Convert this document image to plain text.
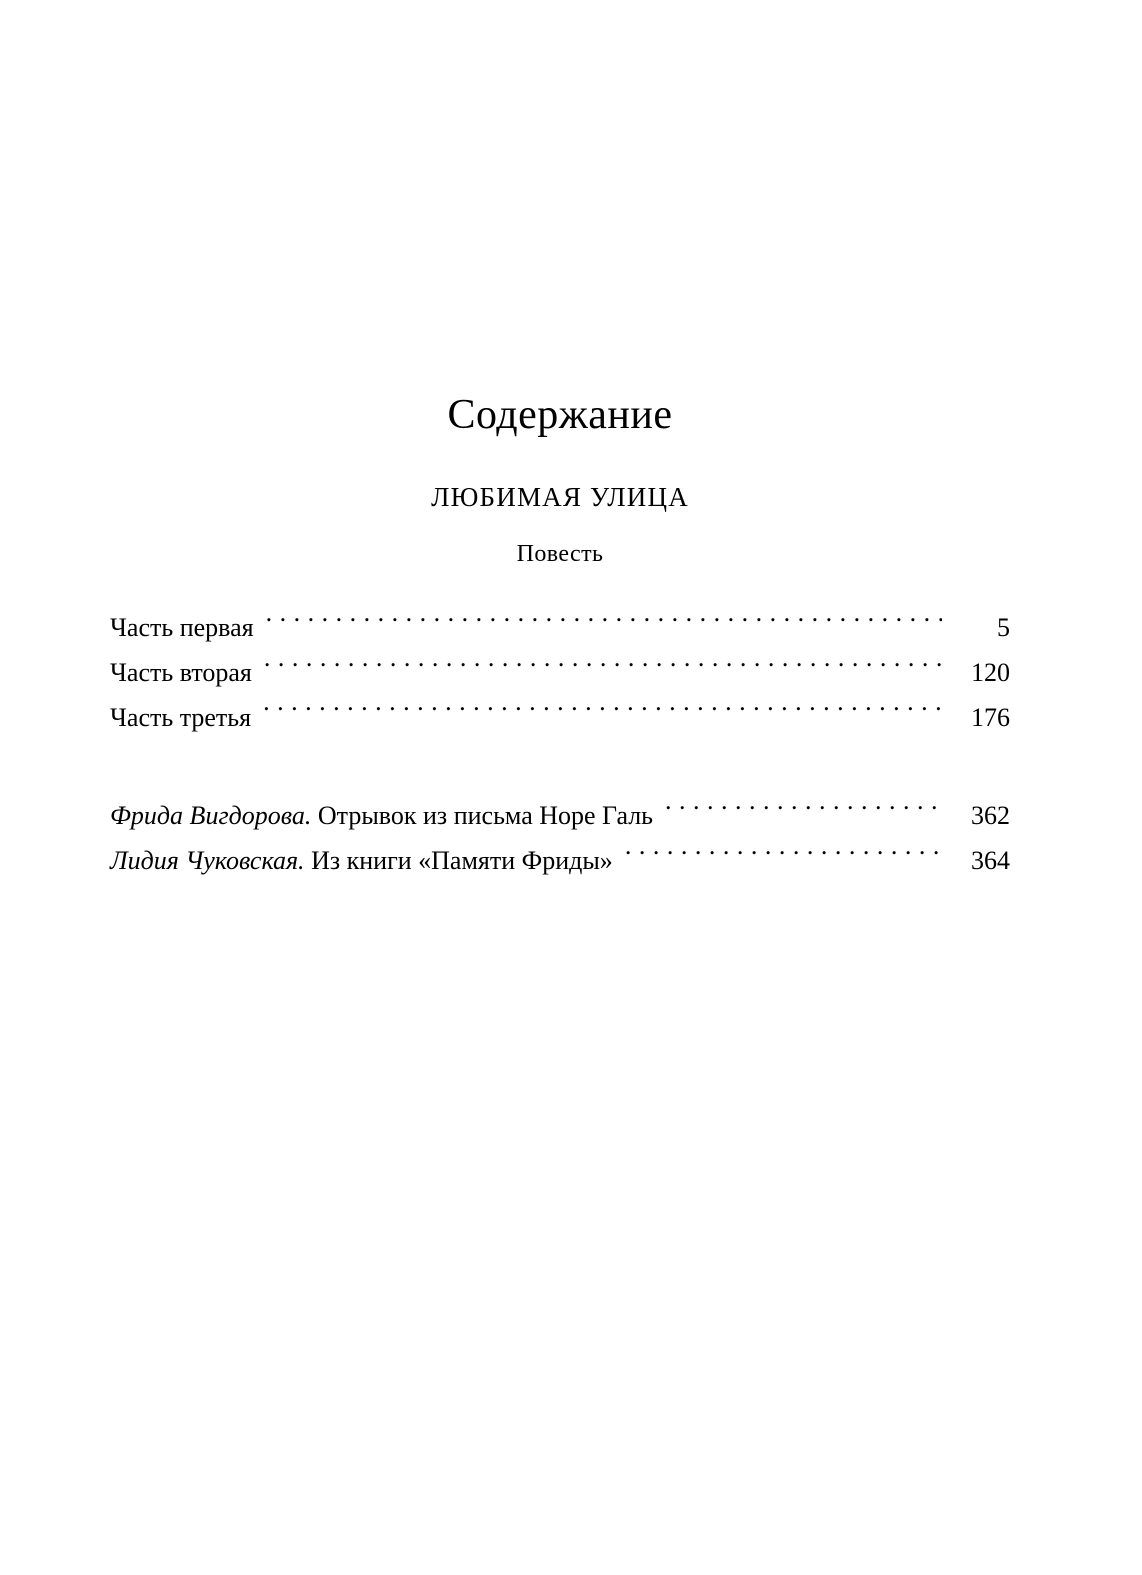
Содержание
ЛЮБИМАЯ УЛИЦА
Повесть
Часть первая . . .	5
Часть вторая . . .	120
Часть третья . . .	176
Фрида Вигдорова. Отрывок из письма Норе Галь . . .	362
Лидия Чуковская. Из книги «Памяти Фриды» . . .	364
